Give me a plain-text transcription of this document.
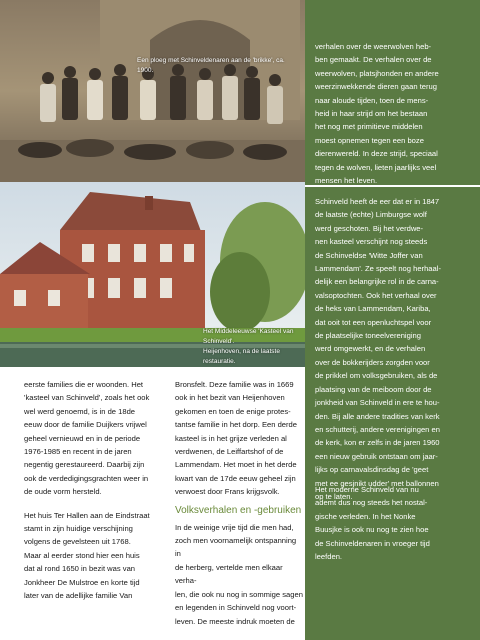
Een ploeg met Schinveldenaren aan de 'brikke', ca. 1900.
Het Middeleeuwse 'Kasteel van Schinveld'.
Heijenhoven, na de laatste restauratie.

verhalen over de weerwolven heb-

ben gemaakt. De verhalen over de

weerwolven, platsjhonden en andere

weerzinwekkende dieren gaan terug

naar aloude tijden, toen de mens-

heid in haar strijd om het bestaan

het nog met primitieve middelen

moest opnemen tegen een boze

dierenwereld. In deze strijd, speciaal

tegen de wolven, lieten jaarlijks veel

mensen het leven.

Schinveld heeft de eer dat er in 1847

de laatste (echte) Limburgse wolf

werd geschoten. Bij het verdwe-

nen kasteel verschijnt nog steeds

de Schinveldse 'Witte Joffer van

Lammendam'. Ze speelt nog herhaal-

delijk een belangrijke rol in de carna-

valsoptochten. Ook het verhaal over

de heks van Lammendam, Kariba,

dat ooit tot een openluchtspel voor

de plaatselijke toneelvereniging

werd omgewerkt, en de verhalen

over de bokkerijders zorgden voor

de prikkel om volksgebruiken, als de

plaatsing van de meiboom door de

jonkheid van Schinveld in ere te hou-

den. Bij alle andere tradities van kerk

en schutterij, andere verenigingen en

de kerk, kon er zelfs in de jaren 1960

een nieuw gebruik ontstaan om jaar-

lijks op carnavalsdinsdag de 'geet

met ee gesjnikt udder' met ballonnen

op te laten.

Het moderne Schinveld van nu

ademt dus nog steeds het nostal-

gische verleden. In het Nonke

Buusjke is ook nu nog te zien hoe

de Schinveldenaren in vroeger tijd

leefden.

eerste families die er woonden. Het

'kasteel van Schinveld', zoals het ook

wel werd genoemd, is in de 18de

eeuw door de familie Duijkers vrijwel

geheel vernieuwd en in de periode

1976-1985 en recent in de jaren

negentig gerestaureerd. Daarbij zijn

ook de verdedigingsgrachten weer in

de oude vorm hersteld.

Het huis Ter Hallen aan de Eindstraat

stamt in zijn huidige verschijning

volgens de gevelsteen uit 1768.

Maar al eerder stond hier een huis

dat al rond 1650 in bezit was van

Jonkheer De Mulstroe en korte tijd

later van de adellijke familie Van

Bronsfelt. Deze familie was in 1669

ook in het bezit van Heijenhoven

gekomen en toen de enige protes-

tantse familie in het dorp. Een derde

kasteel is in het grijze verleden al

verdwenen, de Leiffartshof of de

Lammendam. Het moet in het derde

kwart van de 17de eeuw geheel zijn

verwoest door Frans krijgsvolk.

Volksverhalen en -gebruiken

In de weinige vrije tijd die men had,

zoch men voornamelijk ontspanning in

de herberg, vertelde men elkaar verha-

len, die ook nu nog in sommige sagen

en legenden in Schinveld nog voort-

leven. De meeste indruk moeten de
